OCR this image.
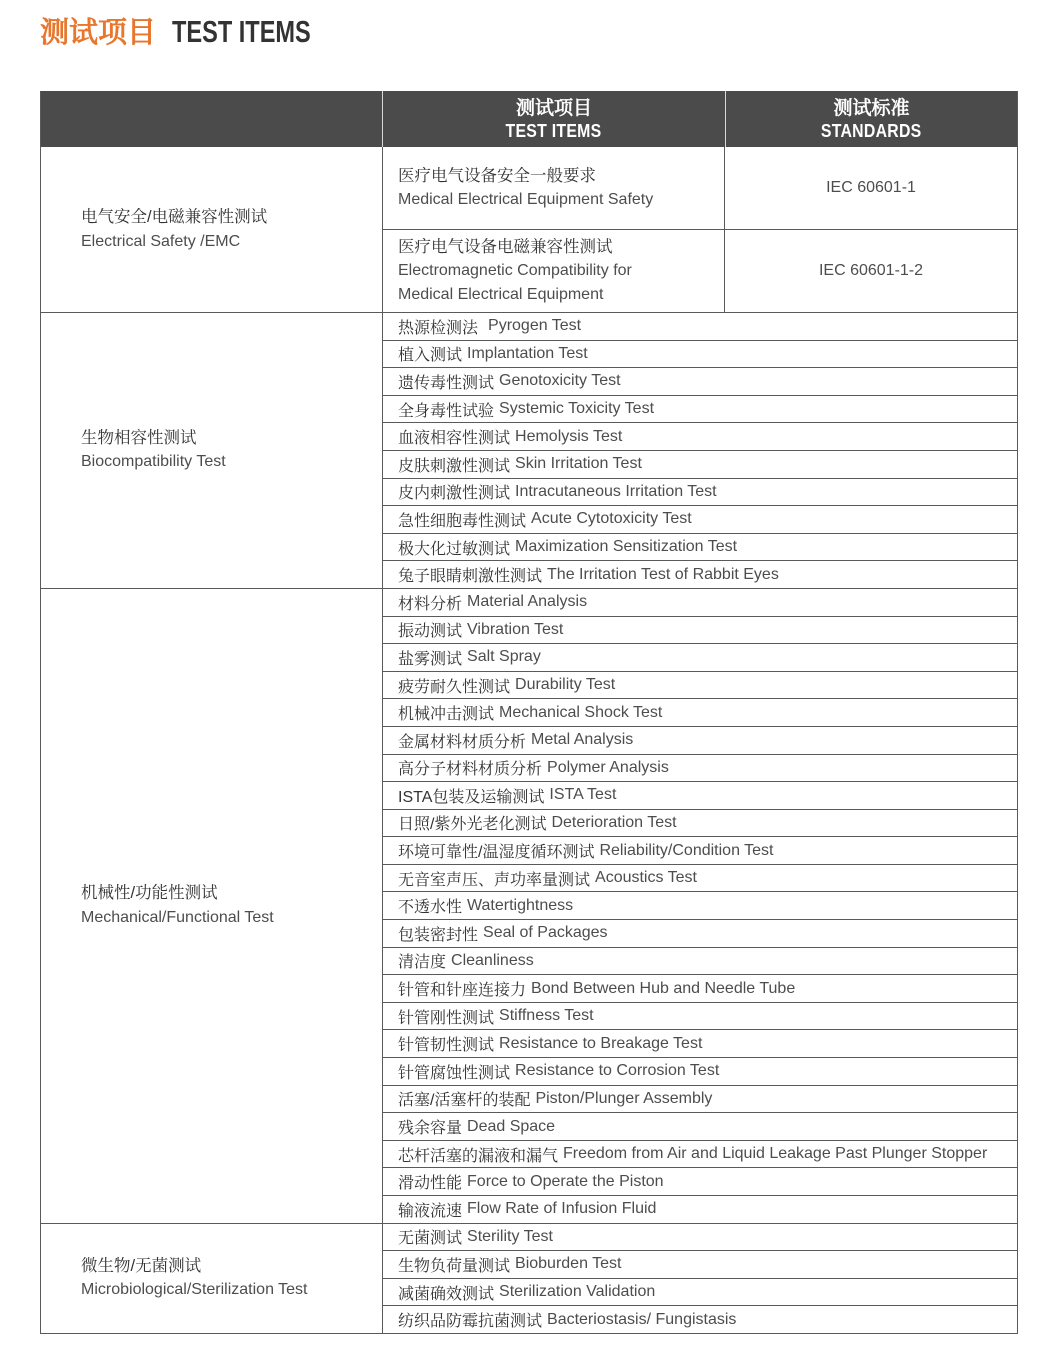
测试项目 TEST ITEMS
测试项目
TEST ITEMS
测试标准
STANDARDS
电气安全/电磁兼容性测试
Electrical Safety /EMC
医疗电气设备安全一般要求
Medical Electrical Equipment Safety
IEC 60601-1
医疗电气设备电磁兼容性测试
Electromagnetic Compatibility for
Medical Electrical Equipment
IEC 60601-1-2
生物相容性测试
Biocompatibility Test
热源检测法 Pyrogen Test
植入测试 Implantation Test
遗传毒性测试 Genotoxicity Test
全身毒性试验 Systemic Toxicity Test
血液相容性测试 Hemolysis Test
皮肤刺激性测试 Skin Irritation Test
皮内刺激性测试 Intracutaneous Irritation Test
急性细胞毒性测试 Acute Cytotoxicity Test
极大化过敏测试 Maximization Sensitization Test
兔子眼睛刺激性测试 The Irritation Test of Rabbit Eyes
机械性/功能性测试
Mechanical/Functional Test
材料分析 Material Analysis
振动测试 Vibration Test
盐雾测试 Salt Spray
疲劳耐久性测试 Durability Test
机械冲击测试 Mechanical Shock Test
金属材料材质分析 Metal Analysis
高分子材料材质分析 Polymer Analysis
ISTA包装及运输测试 ISTA Test
日照/紫外光老化测试 Deterioration Test
环境可靠性/温湿度循环测试 Reliability/Condition Test
无音室声压、声功率量测试 Acoustics Test
不透水性 Watertightness
包装密封性 Seal of Packages
清洁度 Cleanliness
针管和针座连接力 Bond Between Hub and Needle Tube
针管刚性测试 Stiffness Test
针管韧性测试 Resistance to Breakage Test
针管腐蚀性测试 Resistance to Corrosion Test
活塞/活塞杆的装配 Piston/Plunger Assembly
残余容量 Dead Space
芯杆活塞的漏液和漏气 Freedom from Air and Liquid Leakage Past Plunger Stopper
滑动性能 Force to Operate the Piston
输液流速 Flow Rate of Infusion Fluid
微生物/无菌测试
Microbiological/Sterilization Test
无菌测试 Sterility Test
生物负荷量测试 Bioburden Test
减菌确效测试 Sterilization Validation
纺织品防霉抗菌测试 Bacteriostasis/ Fungistasis
